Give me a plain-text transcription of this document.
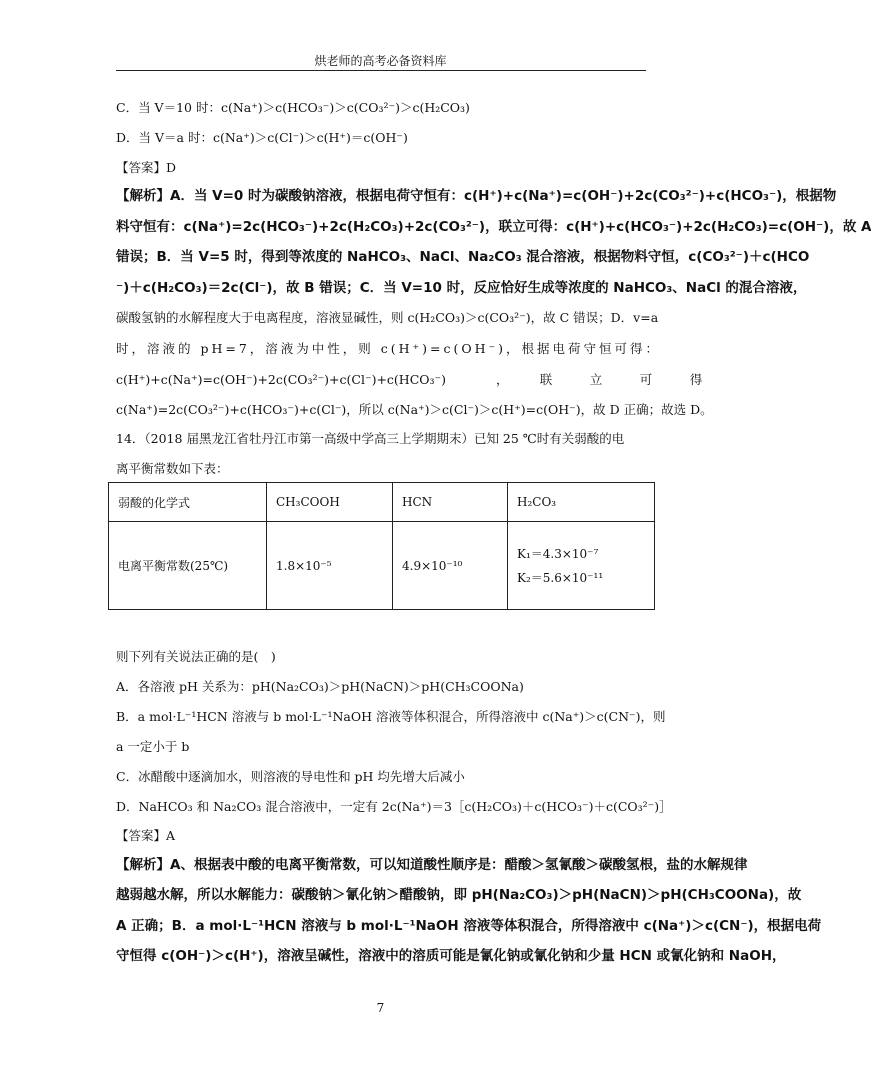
烘老师的高考必备资料库
C．当 V＝10 时：c(Na⁺)＞c(HCO₃⁻)＞c(CO₃²⁻)＞c(H₂CO₃)
D．当 V＝a 时：c(Na⁺)＞c(Cl⁻)＞c(H⁺)＝c(OH⁻)
【答案】D
【解析】A．当 V=0 时为碳酸钠溶液，根据电荷守恒有：c(H⁺)+c(Na⁺)=c(OH⁻)+2c(CO₃²⁻)+c(HCO₃⁻)，根据物
料守恒有：c(Na⁺)=2c(HCO₃⁻)+2c(H₂CO₃)+2c(CO₃²⁻)，联立可得：c(H⁺)+c(HCO₃⁻)+2c(H₂CO₃)=c(OH⁻)，故 A
错误；B．当 V=5 时，得到等浓度的 NaHCO₃、NaCl、Na₂CO₃ 混合溶液，根据物料守恒，c(CO₃²⁻)＋c(HCO
⁻)＋c(H₂CO₃)＝2c(Cl⁻)，故 B 错误；C．当 V=10 时，反应恰好生成等浓度的 NaHCO₃、NaCl 的混合溶液，
碳酸氢钠的水解程度大于电离程度，溶液显碱性，则 c(H₂CO₃)＞c(CO₃²⁻)，故 C 错误；D．v=a
时，溶液的 pH=7，溶液为中性，则 c(H⁺)=c(OH⁻)，根据电荷守恒可得：
c(H⁺)+c(Na⁺)=c(OH⁻)+2c(CO₃²⁻)+c(Cl⁻)+c(HCO₃⁻)　　　　，　　　联　　　立　　　可　　　得
c(Na⁺)=2c(CO₃²⁻)+c(HCO₃⁻)+c(Cl⁻)，所以 c(Na⁺)＞c(Cl⁻)＞c(H⁺)=c(OH⁻)，故 D 正确；故选 D。
14．（2018 届黑龙江省牡丹江市第一高级中学高三上学期期末）已知 25 ℃时有关弱酸的电
离平衡常数如下表：
弱酸的化学式	CH₃COOH	HCN	H₂CO₃
电离平衡常数(25℃)	1.8×10⁻⁵	4.9×10⁻¹⁰	K₁＝4.3×10⁻⁷
K₂＝5.6×10⁻¹¹
则下列有关说法正确的是(　)
A．各溶液 pH 关系为：pH(Na₂CO₃)＞pH(NaCN)＞pH(CH₃COONa)
B．a mol·L⁻¹HCN 溶液与 b mol·L⁻¹NaOH 溶液等体积混合，所得溶液中 c(Na⁺)＞c(CN⁻)，则
a 一定小于 b
C．冰醋酸中逐滴加水，则溶液的导电性和 pH 均先增大后减小
D．NaHCO₃ 和 Na₂CO₃ 混合溶液中，一定有 2c(Na⁺)＝3［c(H₂CO₃)＋c(HCO₃⁻)＋c(CO₃²⁻)］
【答案】A
【解析】A、根据表中酸的电离平衡常数，可以知道酸性顺序是：醋酸＞氢氰酸＞碳酸氢根，盐的水解规律
越弱越水解，所以水解能力：碳酸钠＞氰化钠＞醋酸钠，即 pH(Na₂CO₃)＞pH(NaCN)＞pH(CH₃COONa)，故
A 正确；B．a mol·L⁻¹HCN 溶液与 b mol·L⁻¹NaOH 溶液等体积混合，所得溶液中 c(Na⁺)＞c(CN⁻)，根据电荷
守恒得 c(OH⁻)＞c(H⁺)，溶液呈碱性，溶液中的溶质可能是氰化钠或氰化钠和少量 HCN 或氰化钠和 NaOH，
7
